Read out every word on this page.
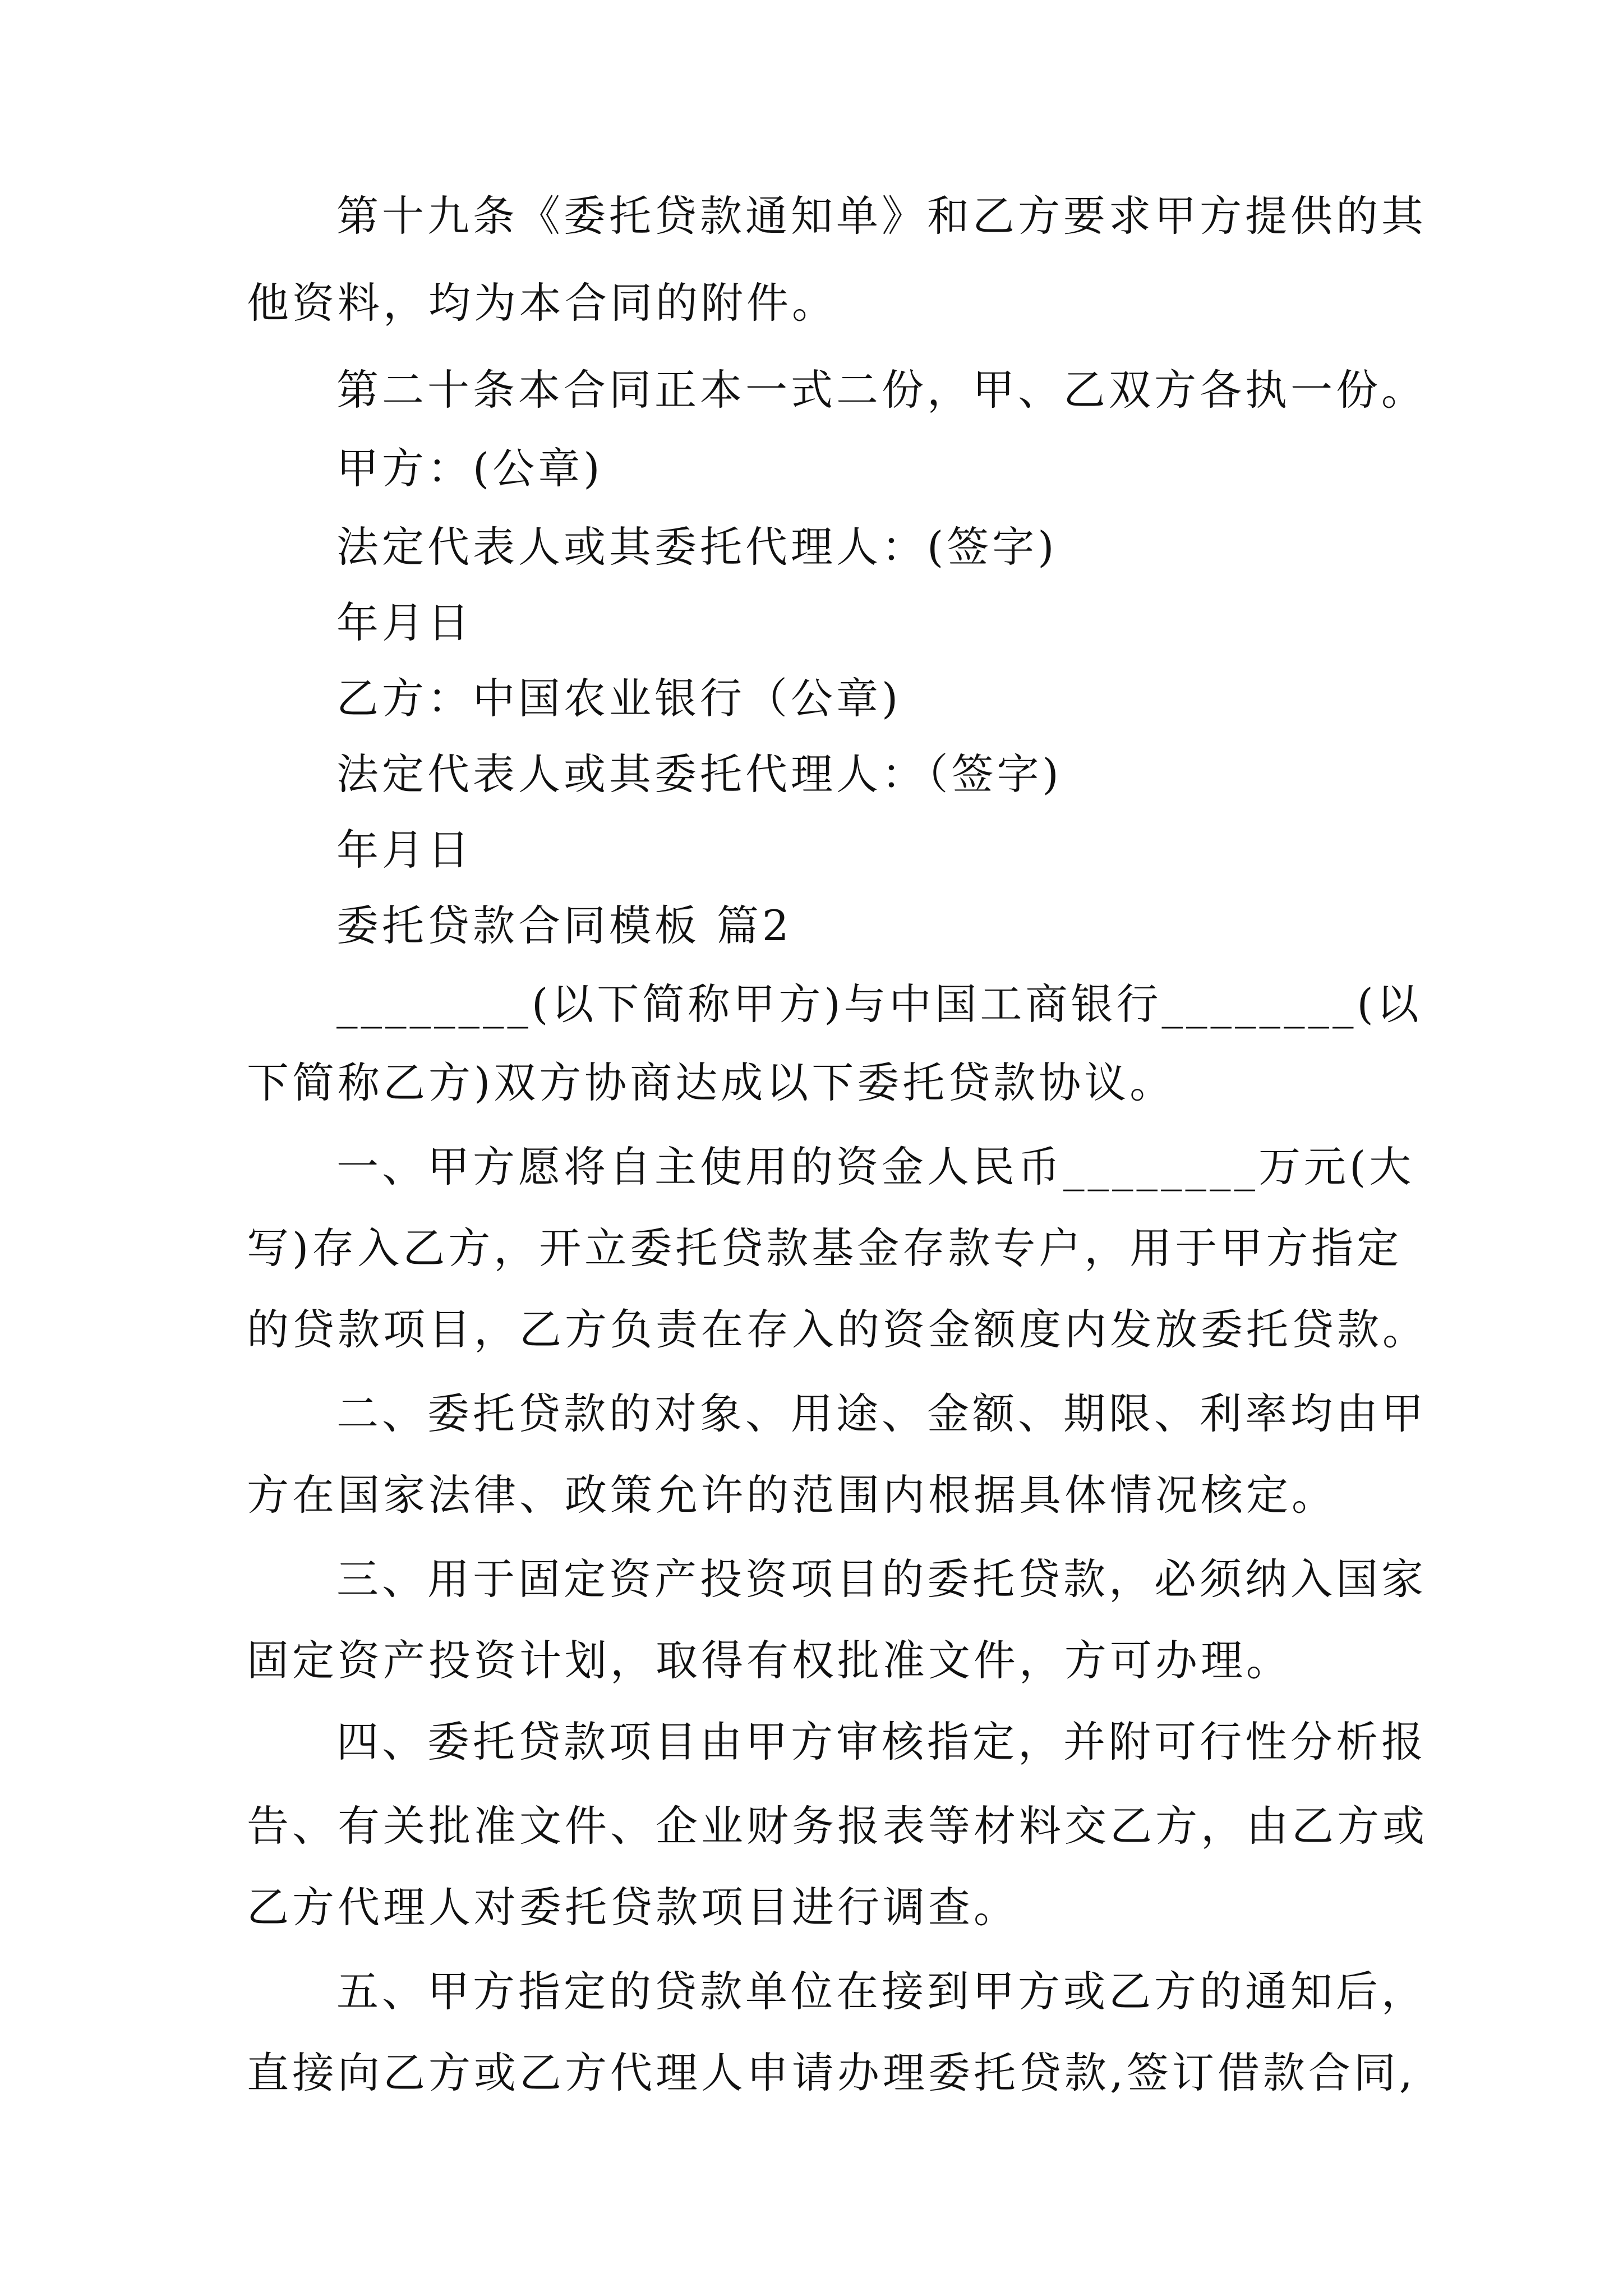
第十九条《委托贷款通知单》和乙方要求甲方提供的其

他资料，均为本合同的附件。

第二十条本合同正本一式二份，甲、乙双方各执一份。

甲方：(公章)

法定代表人或其委托代理人：(签字)

年月日

乙方：中国农业银行（公章)

法定代表人或其委托代理人：（签字)

年月日

委托贷款合同模板 篇2

________(以下简称甲方)与中国工商银行________(以

下简称乙方)双方协商达成以下委托贷款协议。

一、甲方愿将自主使用的资金人民币________万元(大

写)存入乙方，开立委托贷款基金存款专户，用于甲方指定

的贷款项目，乙方负责在存入的资金额度内发放委托贷款。

二、委托贷款的对象、用途、金额、期限、利率均由甲

方在国家法律、政策允许的范围内根据具体情况核定。

三、用于固定资产投资项目的委托贷款，必须纳入国家

固定资产投资计划，取得有权批准文件，方可办理。

四、委托贷款项目由甲方审核指定，并附可行性分析报

告、有关批准文件、企业财务报表等材料交乙方，由乙方或

乙方代理人对委托贷款项目进行调查。

五、甲方指定的贷款单位在接到甲方或乙方的通知后，

直接向乙方或乙方代理人申请办理委托贷款,签订借款合同,
